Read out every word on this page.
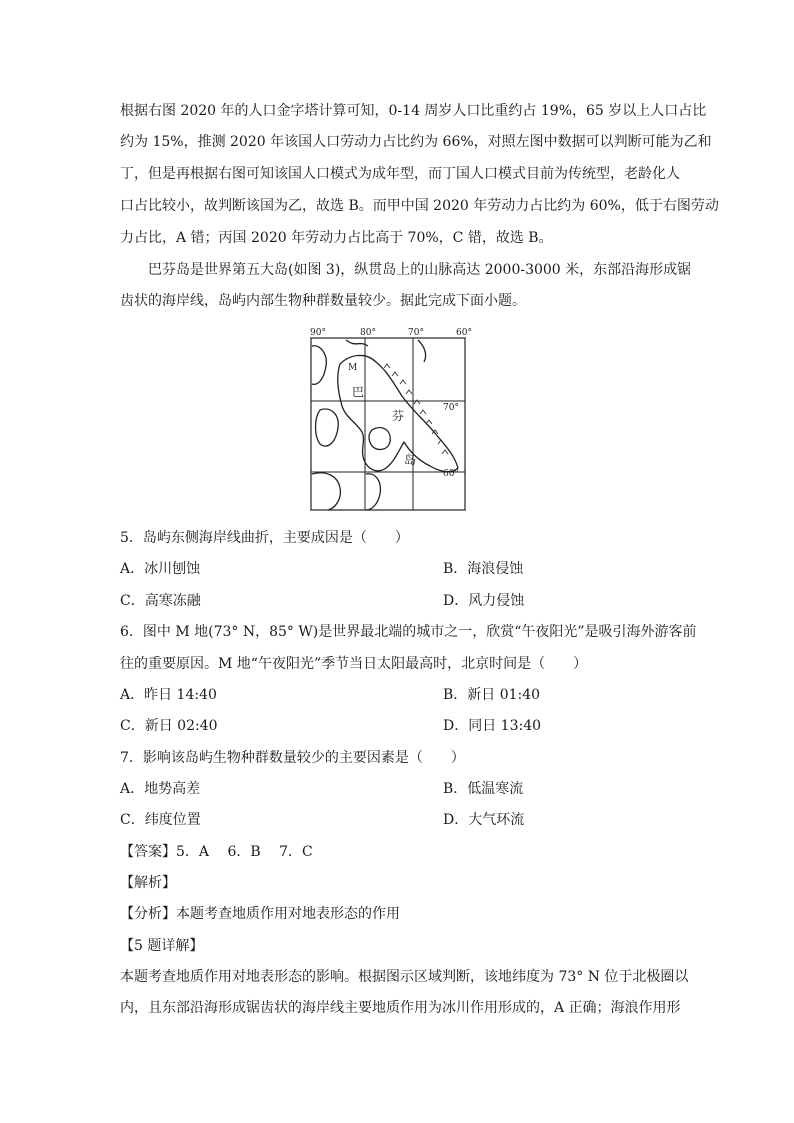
根据右图 2020 年的人口金字塔计算可知，0-14 周岁人口比重约占 19%，65 岁以上人口占比
约为 15%，推测 2020 年该国人口劳动力占比约为 66%，对照左图中数据可以判断可能为乙和
丁，但是再根据右图可知该国人口模式为成年型，而丁国人口模式目前为传统型，老龄化人
口占比较小，故判断该国为乙，故选 B。而甲中国 2020 年劳动力占比约为 60%，低于右图劳动
力占比，A 错；丙国 2020 年劳动力占比高于 70%，C 错，故选 B。
　　巴芬岛是世界第五大岛(如图 3)，纵贯岛上的山脉高达 2000-3000 米，东部沿海形成锯
齿状的海岸线，岛屿内部生物种群数量较少。据此完成下面小题。
90°	80°	70°	60°
70°
60°
M
巴
芬
岛
5．岛屿东侧海岸线曲折，主要成因是（　　）
A．冰川刨蚀	B．海浪侵蚀
C．高寒冻融	D．风力侵蚀
6．图中 M 地(73° N，85° W)是世界最北端的城市之一，欣赏“午夜阳光”是吸引海外游客前
往的重要原因。M 地“午夜阳光”季节当日太阳最高时，北京时间是（　　）
A．昨日 14:40	B．新日 01:40
C．新日 02:40	D．同日 13:40
7．影响该岛屿生物种群数量较少的主要因素是（　　）
A．地势高差	B．低温寒流
C．纬度位置	D．大气环流
【答案】5．A　 6．B　 7．C
【解析】
【分析】本题考查地质作用对地表形态的作用
【5 题详解】
本题考查地质作用对地表形态的影响。根据图示区域判断，该地纬度为 73° N 位于北极圈以
内，且东部沿海形成锯齿状的海岸线主要地质作用为冰川作用形成的，A 正确；海浪作用形
